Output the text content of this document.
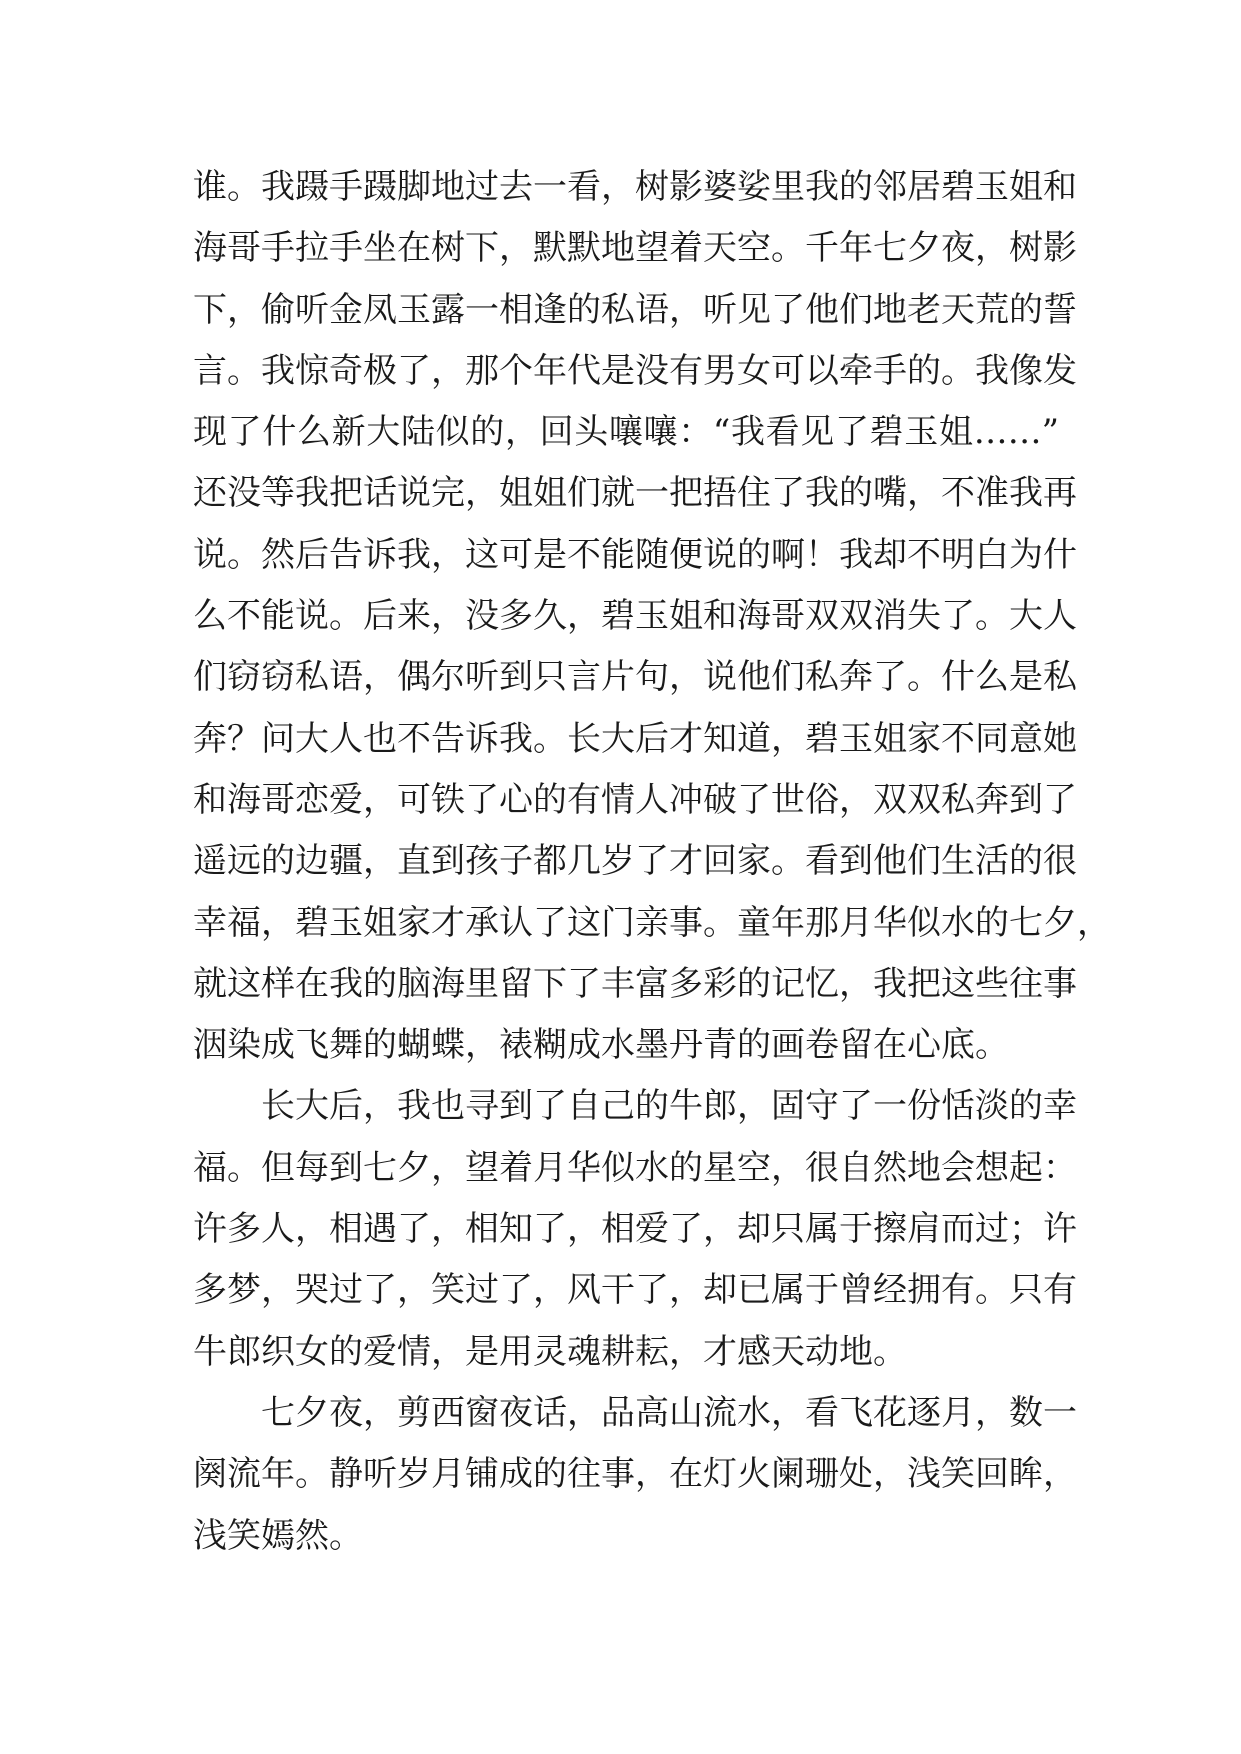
谁。我蹑手蹑脚地过去一看，树影婆娑里我的邻居碧玉姐和
海哥手拉手坐在树下，默默地望着天空。千年七夕夜，树影
下，偷听金凤玉露一相逢的私语，听见了他们地老天荒的誓
言。我惊奇极了，那个年代是没有男女可以牵手的。我像发
现了什么新大陆似的，回头嚷嚷：“我看见了碧玉姐……”
还没等我把话说完，姐姐们就一把捂住了我的嘴，不准我再
说。然后告诉我，这可是不能随便说的啊！我却不明白为什
么不能说。后来，没多久，碧玉姐和海哥双双消失了。大人
们窃窃私语，偶尔听到只言片句，说他们私奔了。什么是私
奔？问大人也不告诉我。长大后才知道，碧玉姐家不同意她
和海哥恋爱，可铁了心的有情人冲破了世俗，双双私奔到了
遥远的边疆，直到孩子都几岁了才回家。看到他们生活的很
幸福，碧玉姐家才承认了这门亲事。童年那月华似水的七夕，
就这样在我的脑海里留下了丰富多彩的记忆，我把这些往事
洇染成飞舞的蝴蝶，裱糊成水墨丹青的画卷留在心底。
长大后，我也寻到了自己的牛郎，固守了一份恬淡的幸
福。但每到七夕，望着月华似水的星空，很自然地会想起：
许多人，相遇了，相知了，相爱了，却只属于擦肩而过；许
多梦，哭过了，笑过了，风干了，却已属于曾经拥有。只有
牛郎织女的爱情，是用灵魂耕耘，才感天动地。
七夕夜，剪西窗夜话，品高山流水，看飞花逐月，数一
阕流年。静听岁月铺成的往事，在灯火阑珊处，浅笑回眸，
浅笑嫣然。
